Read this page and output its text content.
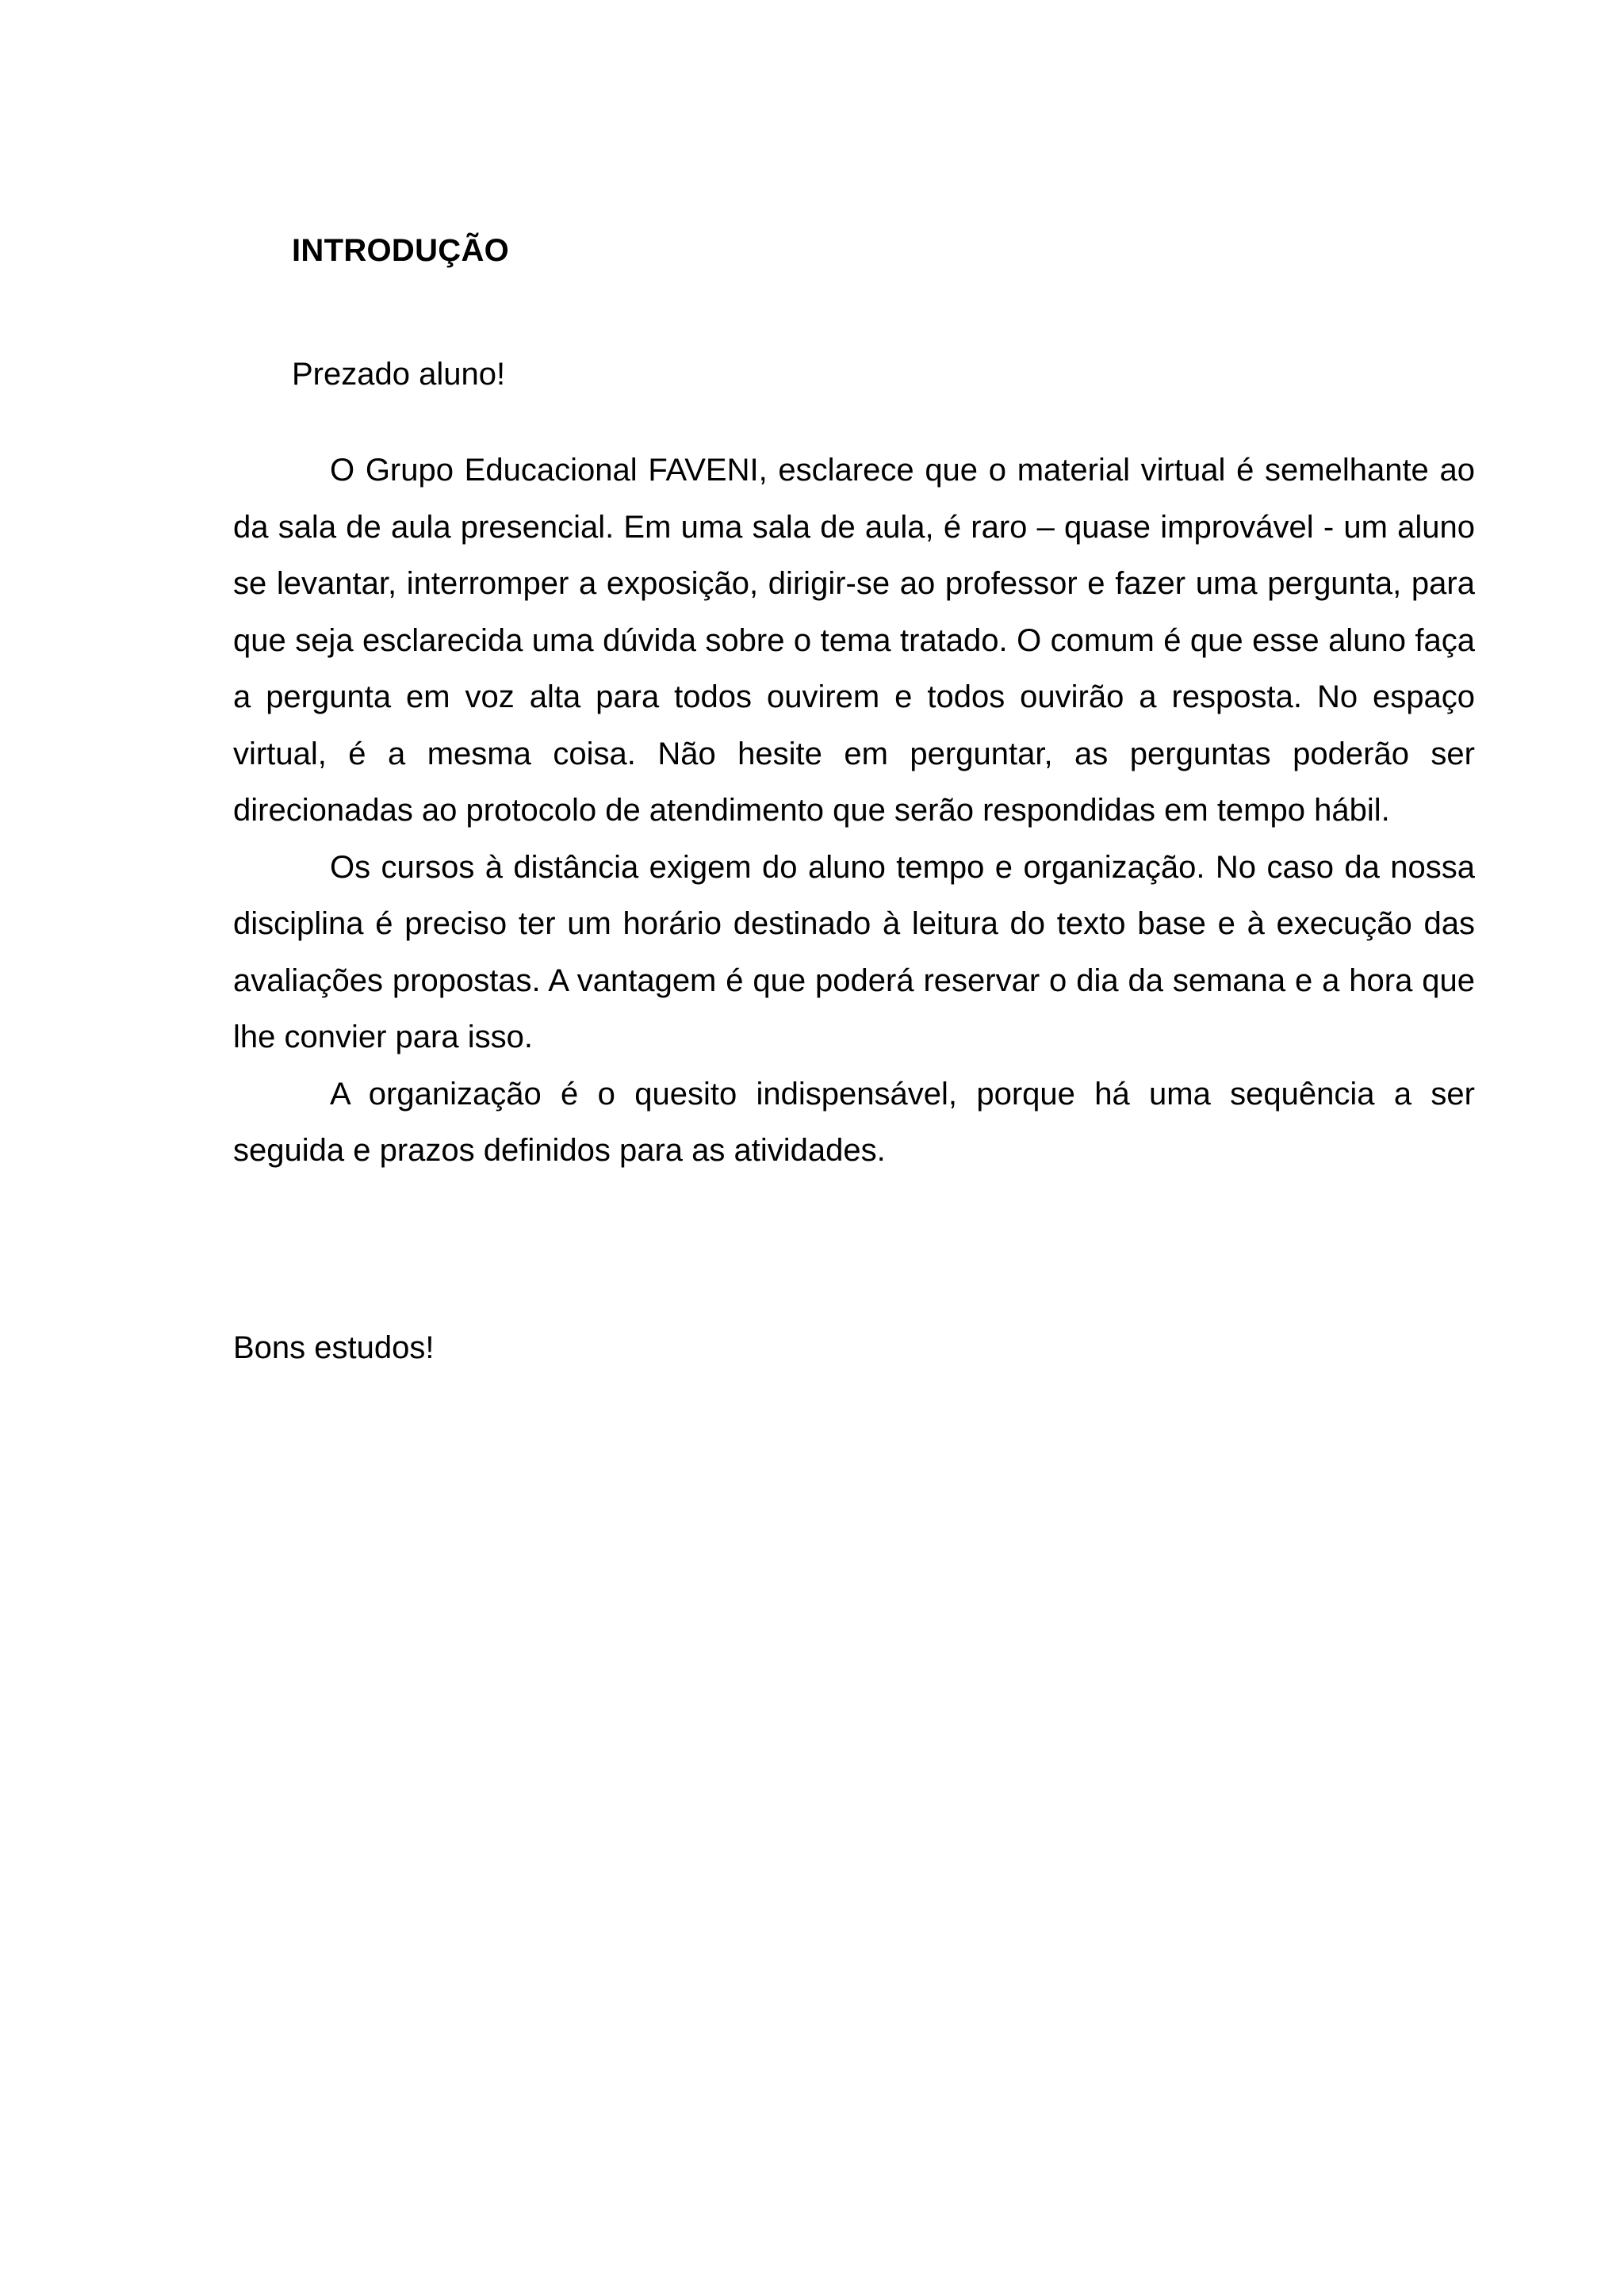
INTRODUÇÃO
Prezado aluno!

O Grupo Educacional FAVENI, esclarece que o material virtual é semelhante ao da sala de aula presencial. Em uma sala de aula, é raro – quase improvável - um aluno se levantar, interromper a exposição, dirigir-se ao professor e fazer uma pergunta, para que seja esclarecida uma dúvida sobre o tema tratado. O comum é que esse aluno faça a pergunta em voz alta para todos ouvirem e todos ouvirão a resposta. No espaço virtual, é a mesma coisa. Não hesite em perguntar, as perguntas poderão ser direcionadas ao protocolo de atendimento que serão respondidas em tempo hábil.

Os cursos à distância exigem do aluno tempo e organização. No caso da nossa disciplina é preciso ter um horário destinado à leitura do texto base e à execução das avaliações propostas. A vantagem é que poderá reservar o dia da semana e a hora que lhe convier para isso.

A organização é o quesito indispensável, porque há uma sequência a ser seguida e prazos definidos para as atividades.

Bons estudos!
